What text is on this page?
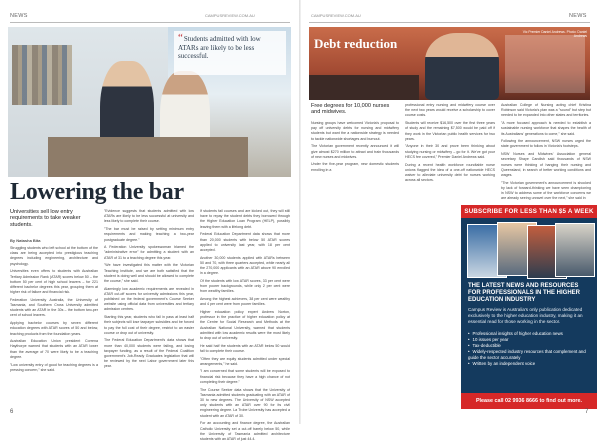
NEWS	CAMPUSREVIEW.COM.AU
“Students admitted with low ATARs are likely to be less successful.
Lowering the bar
Universities sell low entry requirements to take weaker students.
By Natasha Bita

Struggling students who left school at the bottom of the class are being accepted into prestigious teaching degrees including engineering, architecture and psychology.

Universities even offers to students with Australian Tertiary Admission Rank (ATAR) scores below 50 – the bottom 50 per cent of high school leavers – for 221 different bachelor degrees this year, grouping them at higher risk of failure and financial risk.

Federation University Australia, the University of Tasmania, and Southern Cross University admitted students with an ATAR in the 30s – the bottom two-per cent of school leavers.

Applying bachelor courses by seven different education degrees with ATAR scores of 50 and below, teaching products from the foundation years.

Australian Education Union president Correna Haythorpe warned that students with an ATAR lower than the average of 70 were likely to be a teaching degree.

"Low university entry of good for teaching degrees is a pressing concern," she said.

"Evidence suggests that students admitted with low ATARs are likely to be less successful at university and less likely to complete their course.

"The bar must be raised by setting minimum entry requirements and making teaching a two-year postgraduate degree."

A Federation University spokeswoman blamed the "administrative error" for admitting a student with an ATAR of 31 to a teaching degree this year.

"We have investigated this matter with the Victorian Teaching Institute, and we are both satisfied that the student is doing well and should be allowed to complete the course," she said.

Alarmingly low academic requirements are revealed in ATAR cut-off scores for university admissions this year, published on the federal government's Course Seeker website using official data from universities and tertiary admission centres.

Starting this year, students who fail in pass at least half their subjects will lose taxpayer subsidies and be forced to pay the full cost of their degree, restrict to an easier course or drop out of university.

The Federal Education Department's data shows that more than 40,000 students were failing, and losing taxpayer funding, as a result of the Federal Coalition government's Job-Ready Graduates legislation that will be reviewed by the next Labor government later this year.

If students fail courses and are kicked out, they will still have to repay the student debts they borrowed through the Higher Education Loan Program (HELP), possibly leaving them with a lifelong debt.

Federal Education Department data shows that more than 20,000 students with below 50 ATAR scores applied to university last year, with 18 per cent accepted.

Another 30,000 students applied with ATARs between 50 and 70, with three quarters accepted, while nearly all the 270,000 applicants with an ATAR above 90 enrolled in a degree.

Of the students with low ATAR scores, 33 per cent were from poorer backgrounds, while only 2 per cent were from wealthy families.

Among the highest achievers, 38 per cent were wealthy and 4 per cent were from poorer families.

Higher education policy expert Andrew Norton, professor in the practice of higher education policy at the Centre for Social Research and Methods at the Australian National University, warned that students admitted with low academic results were the most likely to drop out of university.

He said half the students with an ATAR below 50 would fail to complete their course.

"Often they are equity students admitted under special arrangements," he said.

"I am concerned that some students will be exposed to financial risk because they have a high chance of not completing their degree."

The Course Seeker data shows that the University of Tasmania admitted students graduating with an ATAR of 30 to new degrees. The University of NSW accepted only students with an ATAR over 90 for its civil engineering degree. La Trobe University has accepted a student with an ATAR of 30.

For an accounting and finance degree, the Australian Catholic University set a cut-off barely below 50, while the University of Tasmania admitted architecture students with an ATAR of just 44.4.

6
CAMPUSREVIEW.COM.AU	NEWS
Debt reduction
Vic Premier Daniel Andrews. Photo: Daniel Andrews
Free degrees for 10,000 nurses and midwives.

Nursing groups have welcomed Victoria's proposal to pay off university debts for nursing and midwifery students but want the a nationwide strategy is needed to tackle nationwide shortages and burnout.

The Victorian government recently announced it will give almost $270 million to attract and train thousands of new nurses and midwives.

Under the five-year program, new domestic students enrolling in a

professional entry nursing and midwifery course over the next two years would receive a scholarship to cover course costs.

Students will receive $16,500 over the first three years of study and the remaining $7,500 would be paid off if they work in the Victorian public health services for two years.

"Anyone in their 30 and prove been thinking about studying nursing or midwifery – go for it. We've got your HECS fee covered," Premier Daniel Andrews said.

During a recent health workforce roundtable nurse unions flagged the idea of a one-off nationwide HECS waiver to alleviate university debt for nurses working across all sectors.

Australian College of Nursing acting chief Kristina Robinson said Victoria's plan was a "sound" but step but needed to be expanded into other states and territories.

"A more focused approach is needed to establish a sustainable nursing workforce that shapes the health of its Australians' generations to come," she said.

Following the announcement, NSW nurses urged the state government to follow in Victoria's footsteps.

NSW Nurses and Midwives' Association general secretary Shaye Candish said thousands of NSW nurses were thinking of hanging their nursing and Queensland, in search of better working conditions and wages.

"The Victorian government's announcement is shocked by lack of forward-thinking we have seen championing in NSW to address some of the workforce concerns we are already seeing unravel over the next," she said in

SUBSCRIBE FOR LESS THAN $5 A WEEK
THE LATEST NEWS AND RESOURCES FOR PROFESSIONALS IN THE HIGHER EDUCATION INDUSTRY
Campus Review is Australia's only publication dedicated exclusively to the higher education industry, making it an essential read for those working in the sector.
• Professional insights of higher education news
• 10 issues per year
• Tax-deductible
• Widely-respected industry resources that complement and guide the sector accurately
• Written by an independent voice
Please call 02 9936 8666 to find out more.
7
